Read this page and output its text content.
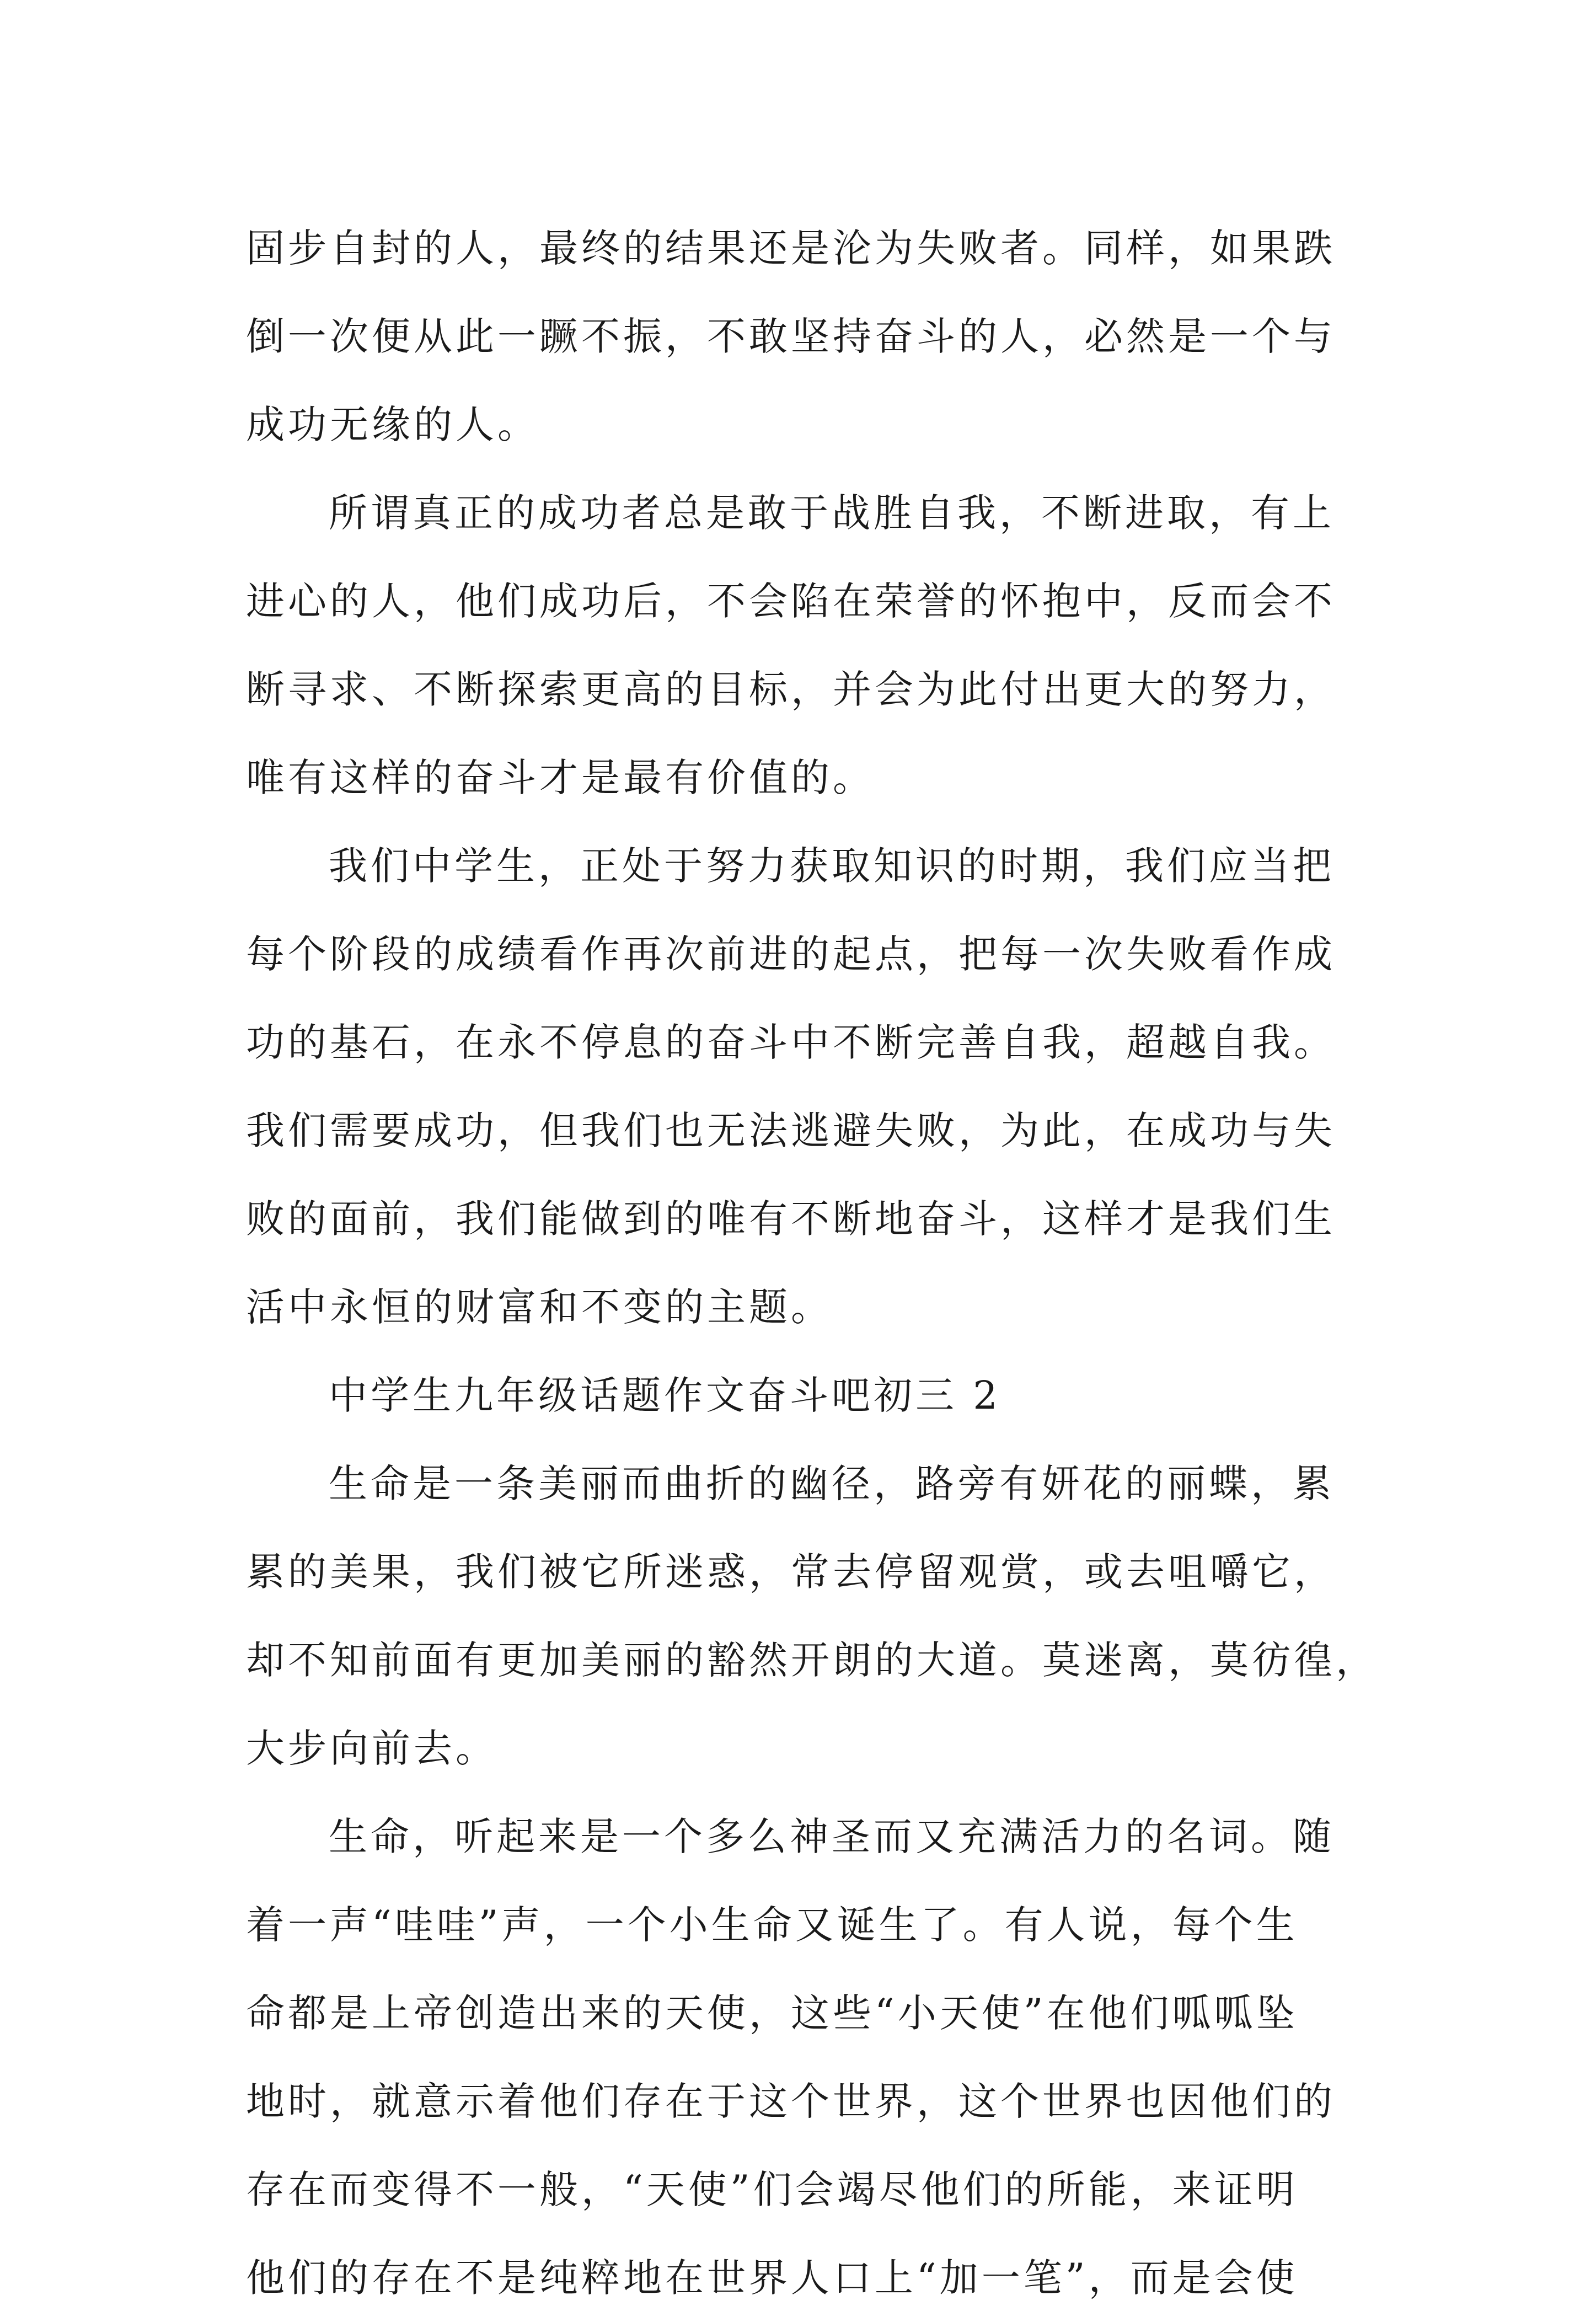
固步自封的人，最终的结果还是沦为失败者。同样，如果跌
倒一次便从此一蹶不振，不敢坚持奋斗的人，必然是一个与
成功无缘的人。
所谓真正的成功者总是敢于战胜自我，不断进取，有上
进心的人，他们成功后，不会陷在荣誉的怀抱中，反而会不
断寻求、不断探索更高的目标，并会为此付出更大的努力，
唯有这样的奋斗才是最有价值的。
我们中学生，正处于努力获取知识的时期，我们应当把
每个阶段的成绩看作再次前进的起点，把每一次失败看作成
功的基石，在永不停息的奋斗中不断完善自我，超越自我。
我们需要成功，但我们也无法逃避失败，为此，在成功与失
败的面前，我们能做到的唯有不断地奋斗，这样才是我们生
活中永恒的财富和不变的主题。
中学生九年级话题作文奋斗吧初三 2
生命是一条美丽而曲折的幽径，路旁有妍花的丽蝶，累
累的美果，我们被它所迷惑，常去停留观赏，或去咀嚼它，
却不知前面有更加美丽的豁然开朗的大道。莫迷离，莫彷徨，
大步向前去。
生命，听起来是一个多么神圣而又充满活力的名词。随
着一声“哇哇”声，一个小生命又诞生了。有人说，每个生
命都是上帝创造出来的天使，这些“小天使”在他们呱呱坠
地时，就意示着他们存在于这个世界，这个世界也因他们的
存在而变得不一般，“天使”们会竭尽他们的所能，来证明
他们的存在不是纯粹地在世界人口上“加一笔”，而是会使
